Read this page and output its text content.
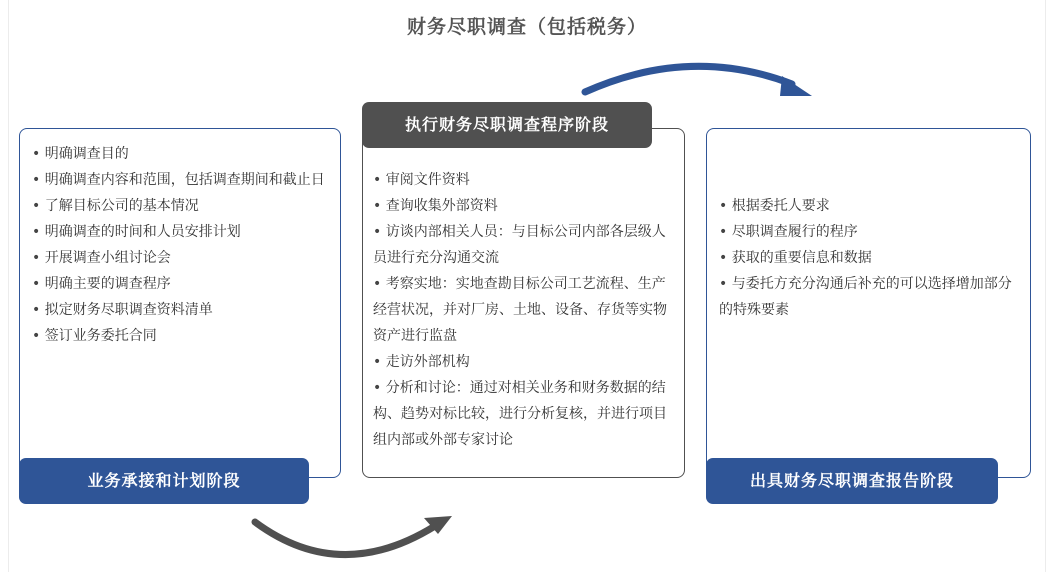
财务尽职调查（包括税务）
• 明确调查目的
• 明确调查内容和范围，包括调查期间和截止日
• 了解目标公司的基本情况
• 明确调查的时间和人员安排计划
• 开展调查小组讨论会
• 明确主要的调查程序
• 拟定财务尽职调查资料清单
• 签订业务委托合同
• 审阅文件资料
• 查询收集外部资料
• 访谈内部相关人员：与目标公司内部各层级人员进行充分沟通交流
• 考察实地：实地查勘目标公司工艺流程、生产经营状况，并对厂房、土地、设备、存货等实物资产进行监盘
• 走访外部机构
• 分析和讨论：通过对相关业务和财务数据的结构、趋势对标比较，进行分析复核，并进行项目组内部或外部专家讨论
• 根据委托人要求
• 尽职调查履行的程序
• 获取的重要信息和数据
• 与委托方充分沟通后补充的可以选择增加部分的特殊要素
业务承接和计划阶段
执行财务尽职调查程序阶段
出具财务尽职调查报告阶段
